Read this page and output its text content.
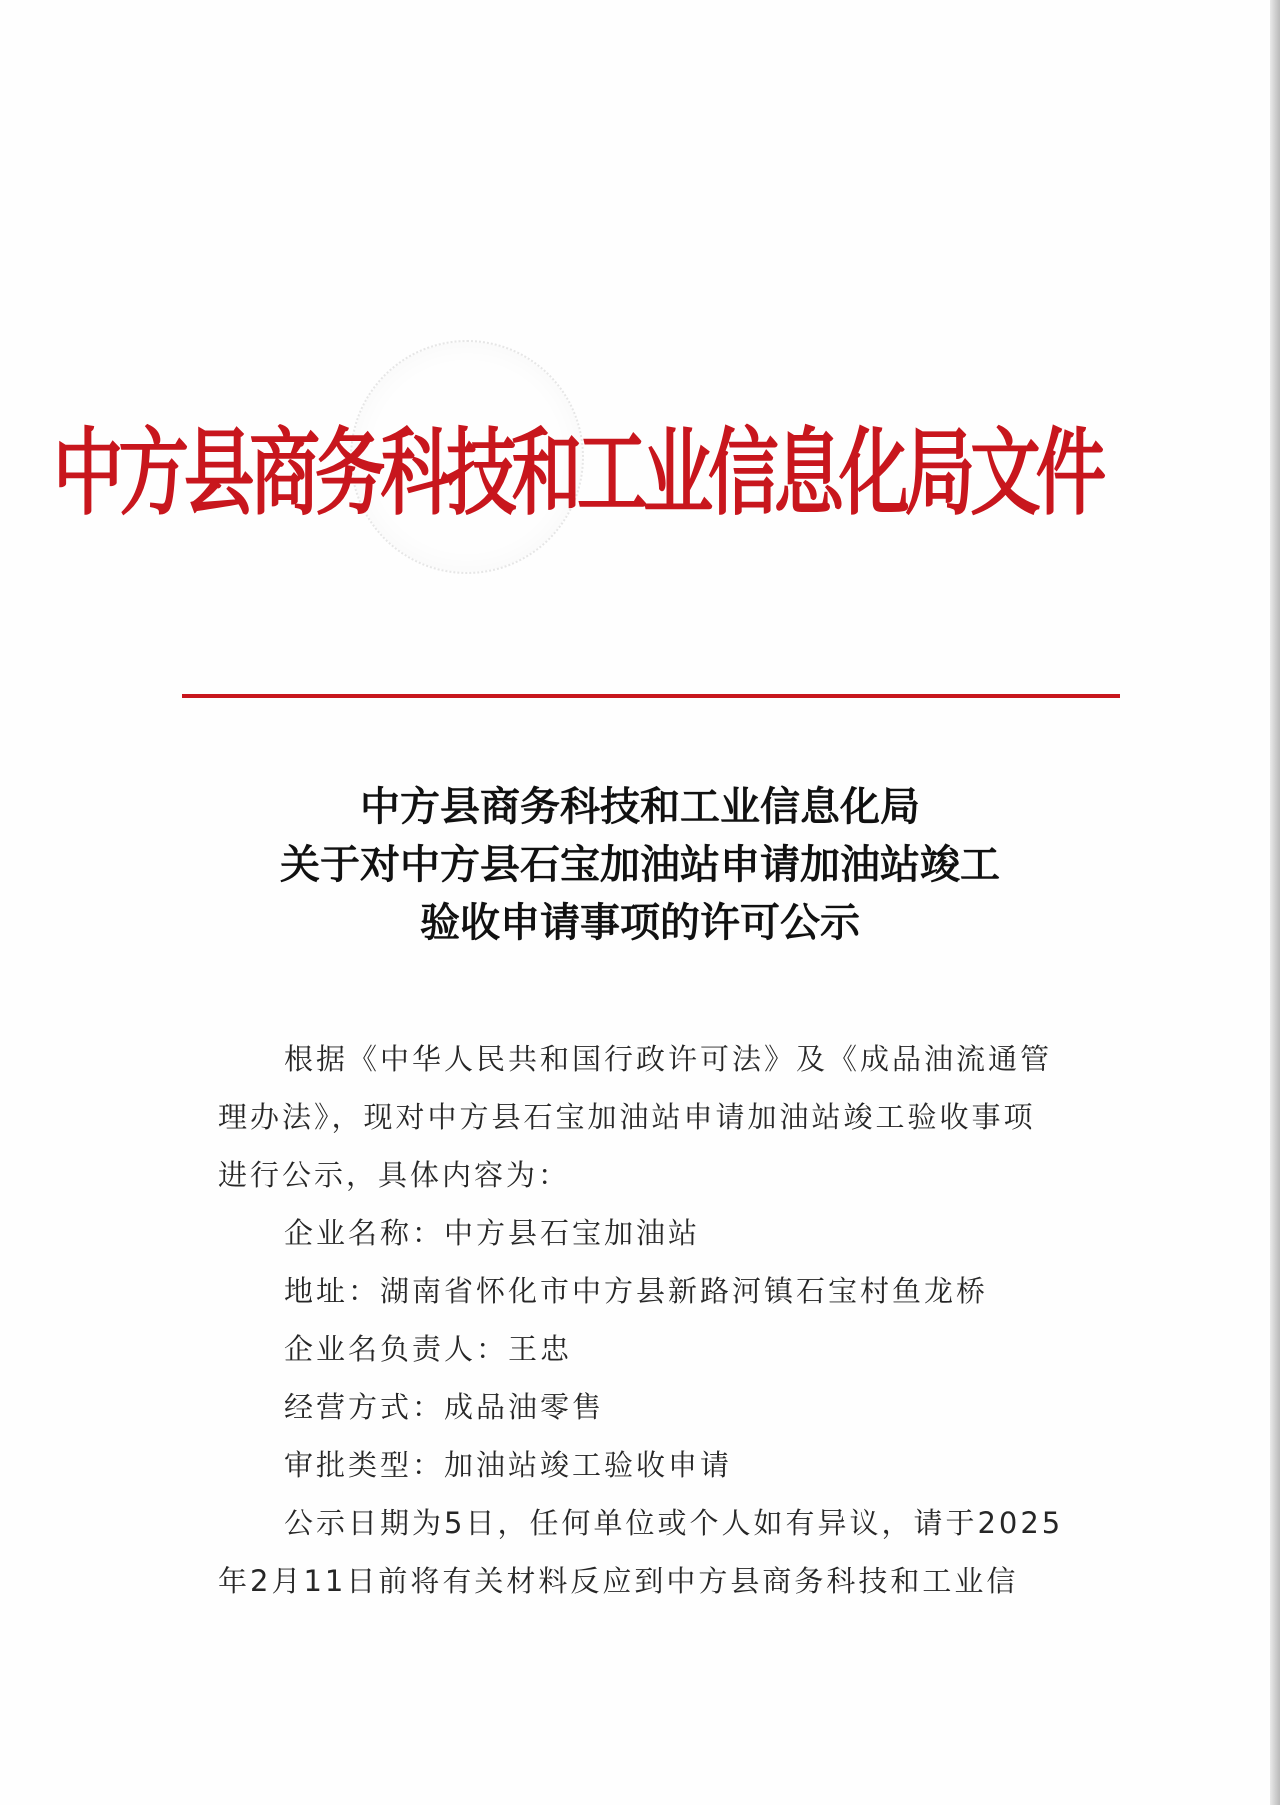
中方县商务科技和工业信息化局文件
中方县商务科技和工业信息化局
关于对中方县石宝加油站申请加油站竣工
验收申请事项的许可公示

根据《中华人民共和国行政许可法》及《成品油流通管

理办法》，现对中方县石宝加油站申请加油站竣工验收事项

进行公示，具体内容为：

企业名称：中方县石宝加油站
地址：湖南省怀化市中方县新路河镇石宝村鱼龙桥
企业名负责人：王忠
经营方式：成品油零售
审批类型：加油站竣工验收申请

公示日期为5日，任何单位或个人如有异议，请于2025

年2月11日前将有关材料反应到中方县商务科技和工业信
